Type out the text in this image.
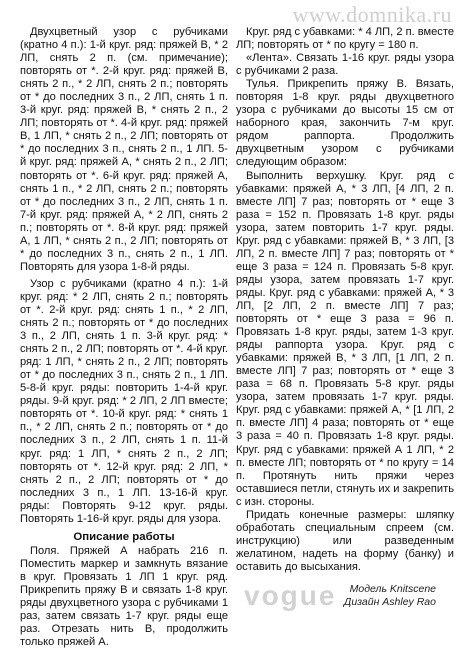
www.domnika.ru

Двухцветный узор с рубчиками (кратно 4 п.): 1-й круг. ряд: пряжей В, * 2 ЛП, снять 2 п. (см. примечание); повторять от *. 2-й круг. ряд: пряжей В, снять 2 п., * 2 ЛП, снять 2 п.; повторять от * до последних 3 п., 2 ЛП, снять 1 п. 3-й круг. ряд: пряжей В, * снять 2 п., 2 ЛП; повторять от *. 4-й круг. ряд: пряжей В, 1 ЛП, * снять 2 п., 2 ЛП; повторять от * до последних 3 п., снять 2 п., 1 ЛП. 5-й круг. ряд: пряжей А, * снять 2 п., 2 ЛП; повторять от *. 6-й круг. ряд: пряжей А, снять 1 п., * 2 ЛП, снять 2 п.; повторять от * до последних 3 п., 2 ЛП, снять 1 п. 7-й круг. ряд: пряжей А, * 2 ЛП, снять 2 п.; повторять от *. 8-й круг. ряд: пряжей А, 1 ЛП, * снять 2 п., 2 ЛП; повторять от * до последних 3 п., снять 2 п., 1 ЛП. Повторять для узора 1-8-й ряды.

Узор с рубчиками (кратно 4 п.): 1-й круг. ряд: * 2 ЛП, снять 2 п.; повторять от *. 2-й круг. ряд: снять 1 п., * 2 ЛП, снять 2 п.; повторять от * до последних 3 п., 2 ЛП, снять 1 п. 3-й круг. ряд: * снять 2 п., 2 ЛП; повторять от *. 4-й круг. ряд: 1 ЛП, * снять 2 п., 2 ЛП; повторять от * до последних 3 п., снять 2 п., 1 ЛП. 5-8-й круг. ряды: повторить 1-4-й круг. ряды. 9-й круг. ряд: * 2 ЛП, 2 ЛП вместе; повторять от *. 10-й круг. ряд: * снять 1 п., * 2 ЛП, снять 2 п.; повторять от * до последних 3 п., 2 ЛП, снять 1 п. 11-й круг. ряд: 1 ЛП, * снять 2 п., 2 ЛП; повторять от *. 12-й круг. ряд: 2 ЛП, * снять 2 п., 2 ЛП; повторять от * до последних 3 п., 1 ЛП. 13-16-й круг. ряды: Повторять 9-12 круг. ряды. Повторять 1-16-й круг. ряды для узора.

Описание работы

Поля. Пряжей А набрать 216 п. Поместить маркер и замкнуть вязание в круг. Провязать 1 ЛП 1 круг. ряд. Прикрепить пряжу В и связать 1-8 круг. ряды двухцветного узора с рубчиками 1 раз, затем связать 1-7 круг. ряды еще раз. Отрезать нить В, продолжить только пряжей А.

Круг. ряд с убавками: * 4 ЛП, 2 п. вместе ЛП; повторять от * по кругу = 180 п.

«Лента». Связать 1-16 круг. ряды узора с рубчиками 2 раза.

Тулья. Прикрепить пряжу В. Вязать, повторяя 1-8 круг. ряды двухцветного узора с рубчиками до высоты 15 см от наборного края, закончить 7-м круг. рядом раппорта. Продолжить двухцветным узором с рубчиками следующим образом:

Выполнить верхушку. Круг. ряд с убавками: пряжей А, * 3 ЛП, [4 ЛП, 2 п. вместе ЛП] 7 раз; повторять от * еще 3 раза = 152 п. Провязать 1-8 круг. ряды узора, затем повторить 1-7 круг. ряды. Круг. ряд с убавками: пряжей В, * 3 ЛП, [3 ЛП, 2 п. вместе ЛП] 7 раз; повторять от * еще 3 раза = 124 п. Провязать 5-8 круг. ряды узора, затем провязать 1-7 круг. ряды. Круг. ряд с убавками: пряжей А, * 3 ЛП, [2 ЛП, 2 п. вместе ЛП] 7 раз; повторять от * еще 3 раза = 96 п. Провязать 1-8 круг. ряды, затем 1-3 круг. ряды раппорта узора. Круг. ряд с убавками: пряжей В, * 3 ЛП, [1 ЛП, 2 п. вместе ЛП] 7 раз; повторять от * еще 3 раза = 68 п. Провязать 5-8 круг. ряды узора, затем провязать 1-7 круг. ряды. Круг. ряд с убавками: пряжей А, * [1 ЛП, 2 п. вместе ЛП] 4 раза; повторять от * еще 3 раза = 40 п. Провязать 1-8 круг. ряды. Круг. ряд с убавками: пряжей А 1 ЛП, * 2 п. вместе ЛП; повторять от * по кругу = 14 п. Протянуть нить пряжи через оставшиеся петли, стянуть их и закрепить с изн. стороны.

Придать конечные размеры: шляпку обработать специальным спреем (см. инструкцию) или разведенным желатином, надеть на форму (банку) и оставить до высыхания.

vogue	Модель Knitscene
Дизайн Ashley Rao
